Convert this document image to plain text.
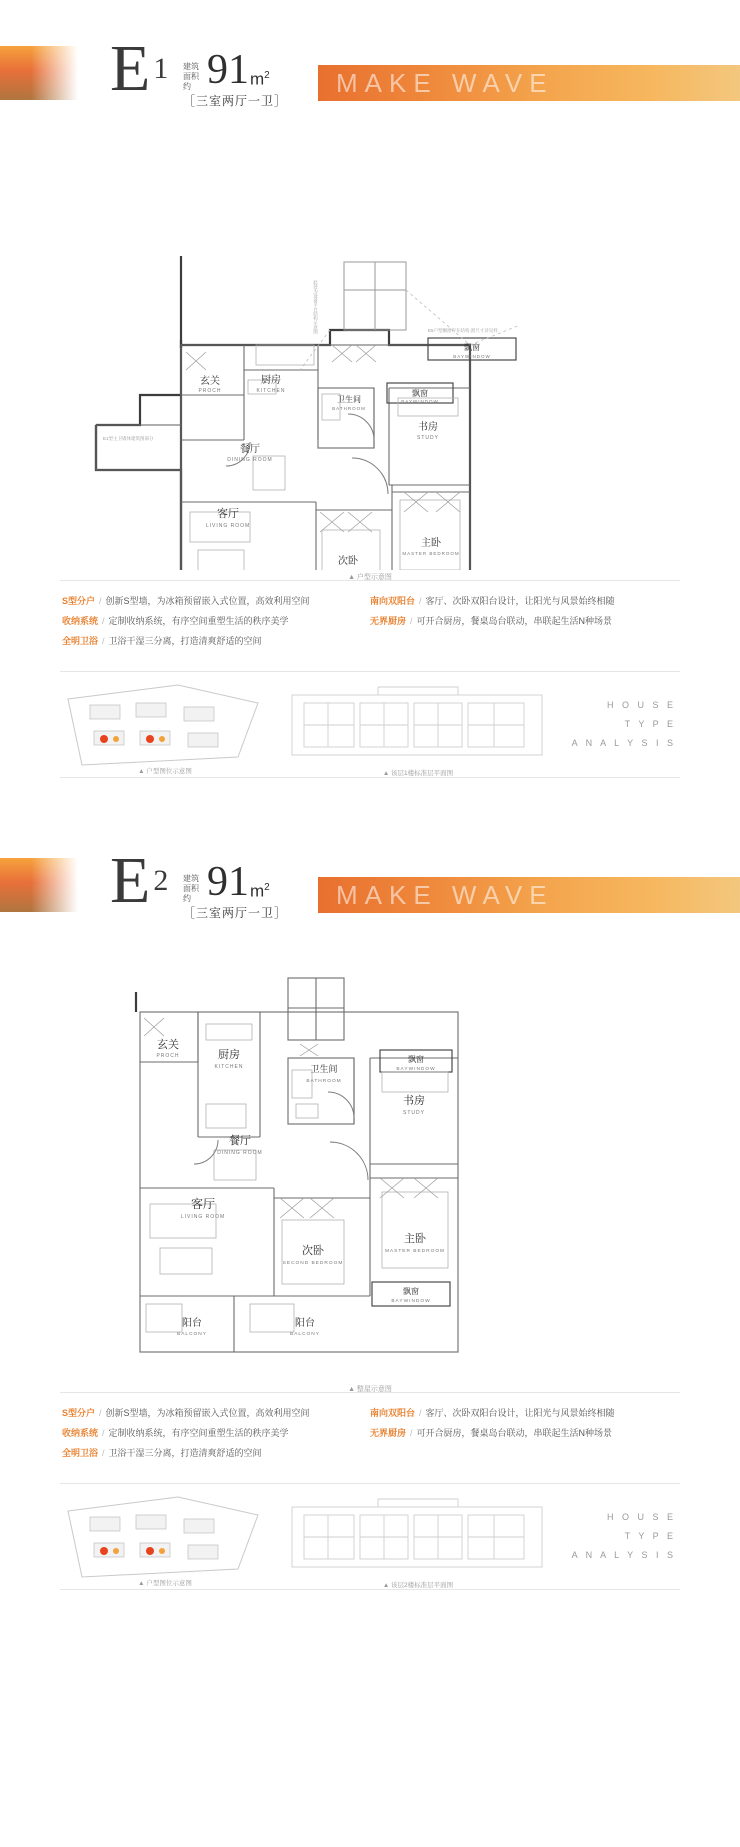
E 1 建筑
面积约 91 $m^2$
［三室两厅一卫］
MAKE WAVE
玄关
PROCH
厨房
KITCHEN
卫生间
BATHROOM
餐厅
DINING ROOM
客厅
LIVING ROOM
书房
STUDY
主卧
MASTER BEDROOM
次卧
飘窗
BAYWINDOW
飘窗
BAYWINDOW
此处为设备平台结构示意图	E5户型飘窗存在结构,窗尺寸详见样
E1型主卫墙体建筑图部分
▲ 户型示意图
S型分户 / 创新S型墙，为冰箱预留嵌入式位置，高效利用空间
收纳系统 / 定制收纳系统，有序空间重塑生活的秩序美学
全明卫浴 / 卫浴干湿三分离，打造清爽舒适的空间
南向双阳台 / 客厅、次卧双阳台设计，让阳光与风景始终相随
无界厨房 / 可开合厨房，餐桌岛台联动，串联起生活N种场景
▲ 户型图位示意图	▲ 该层1楼标准层平面图
H O U S E
T Y P E
A N A L Y S I S
E 2 建筑
面积约 91 $m^2$
［三室两厅一卫］
MAKE WAVE
玄关
PROCH	厨房
KITCHEN	卫生间
BATHROOM
餐厅
DINING ROOM
客厅
LIVING ROOM
书房
STUDY
主卧
MASTER BEDROOM
次卧
SECOND BEDROOM
阳台
BALCONY
阳台
BALCONY
飘窗
BAYWINDOW
飘窗
BAYWINDOW
▲ 整屋示意图
S型分户 / 创新S型墙，为冰箱预留嵌入式位置，高效利用空间
收纳系统 / 定制收纳系统，有序空间重塑生活的秩序美学
全明卫浴 / 卫浴干湿三分离，打造清爽舒适的空间
南向双阳台 / 客厅、次卧双阳台设计，让阳光与风景始终相随
无界厨房 / 可开合厨房，餐桌岛台联动，串联起生活N种场景
▲ 户型图位示意图	▲ 该层2楼标准层平面图
H O U S E
T Y P E
A N A L Y S I S
